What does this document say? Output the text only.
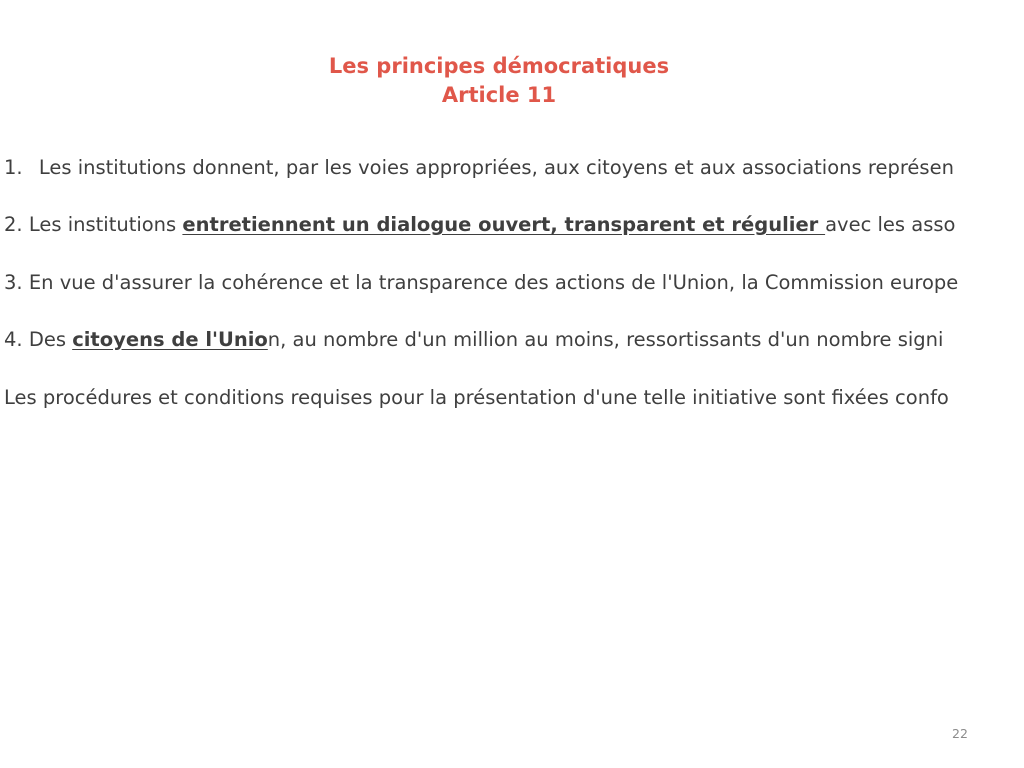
Les principes démocratiques
Article 11
1. Les institutions donnent, par les voies appropriées, aux citoyens et aux associations représen
2. Les institutions entretiennent un dialogue ouvert, transparent et régulier avec les asso
3. En vue d'assurer la cohérence et la transparence des actions de l'Union, la Commission europe
4. Des citoyens de l'Union, au nombre d'un million au moins, ressortissants d'un nombre signi
Les procédures et conditions requises pour la présentation d'une telle initiative sont fixées confo
22
